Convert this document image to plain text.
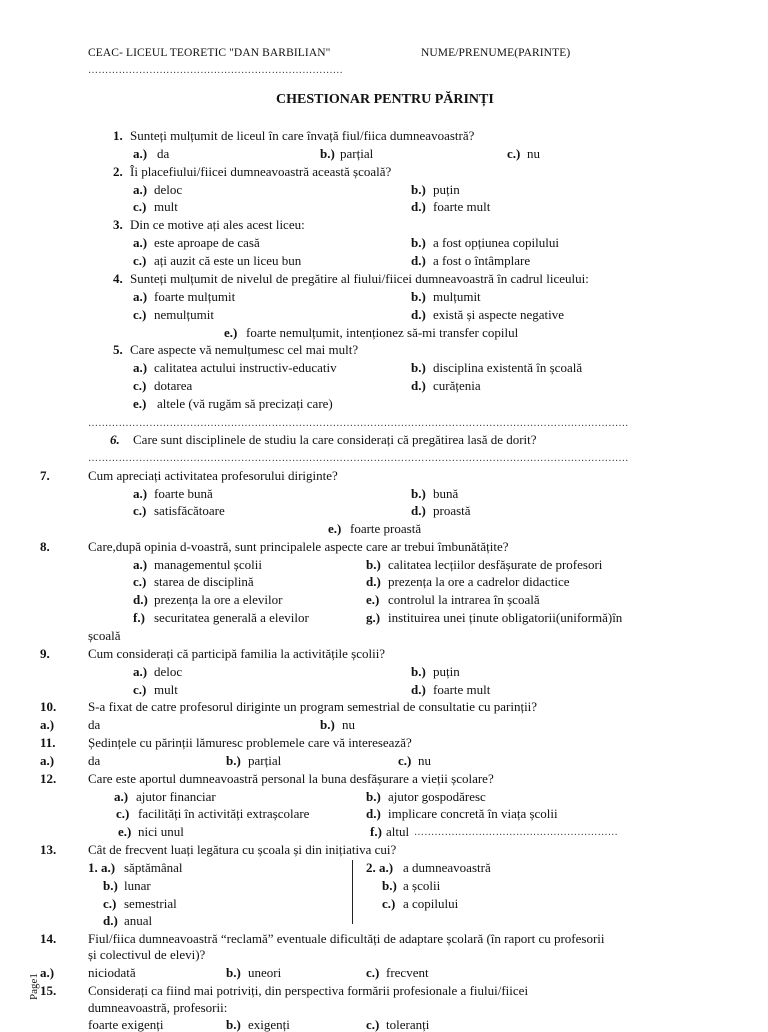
CEAC- LICEUL TEORETIC "DAN BARBILIAN"	NUME/PRENUME(PARINTE)
…………………………………………………………………
CHESTIONAR PENTRU PĂRINȚI
1. Sunteți mulțumit de liceul în care învață fiul/fiica dumneavoastră?
a.) da	b.) parțial	c.) nu
2. Îi placefiului/fiicei dumneavoastră această școală?
a.) deloc	b.) puțin
c.) mult	d.) foarte mult
3. Din ce motive ați ales acest liceu:
a.) este aproape de casă	b.) a fost opțiunea copilului
c.) ați auzit că este un liceu bun	d.) a fost o întâmplare
4. Sunteți mulțumit de nivelul de pregătire al fiului/fiicei dumneavoastră în cadrul liceului:
a.) foarte mulțumit	b.) mulțumit
c.) nemulțumit	d.) există și aspecte negative
e.) foarte nemulțumit, intenționez să-mi transfer copilul
5. Care aspecte vă nemulțumesc cel mai mult?
a.) calitatea actului instructiv-educativ	b.) disciplina existentă în școală
c.) dotarea	d.) curățenia
e.) altele (vă rugăm să precizați care)
……………………………………………………………………………………………………………………………………………
6. Care sunt disciplinele de studiu la care considerați că pregătirea lasă de dorit?
……………………………………………………………………………………………………………………………………………
7.	Cum apreciați activitatea profesorului diriginte?
a.) foarte bună	b.) bună
c.) satisfăcătoare	d.) proastă
e.) foarte proastă
8.	Care,după opinia d-voastră, sunt principalele aspecte care ar trebui îmbunătățite?
a.) managementul școlii	b.) calitatea lecțiilor desfășurate de profesori
c.) starea de disciplină	d.) prezența la ore a cadrelor didactice
d.) prezența la ore a elevilor	e.) controlul la intrarea în școală
f.) securitatea generală a elevilor	g.) instituirea unei ținute obligatorii(uniformă)în
școală
9.	Cum considerați că participă familia la activitățile școlii?
a.) deloc	b.) puțin
c.) mult	d.) foarte mult
10. S-a fixat de catre profesorul diriginte un program semestrial de consultatie cu parinții?
a.)	da	b.) nu
11. Ședințele cu părinții lămuresc problemele care vă interesează?
a.)	da	b.) parțial	c.) nu
12. Care este aportul dumneavoastră personal la buna desfășurare a vieții școlare?
a.) ajutor financiar	b.) ajutor gospodăresc
c.) facilități în activități extrașcolare	d.) implicare concretă în viața școlii
e.) nici unul	f.) altul ……………………………………………………
13. Cât de frecvent luați legătura cu școala și din inițiativa cui?
1. a.) săptămânal
b.) lunar
c.) semestrial
d.) anual
2. a.) a dumneavoastră
b.) a școlii
c.) a copilului
14. Fiul/fiica dumneavoastră “reclamă” eventuale dificultăți de adaptare școlară (în raport cu profesorii
și colectivul de elevi)?
a.)	niciodată	b.) uneori	c.) frecvent
15. Considerați ca fiind mai potriviți, din perspectiva formării profesionale a fiului/fiicei
dumneavoastră, profesorii:
foarte exigenți	b.) exigenți	c.) toleranți
Page1
